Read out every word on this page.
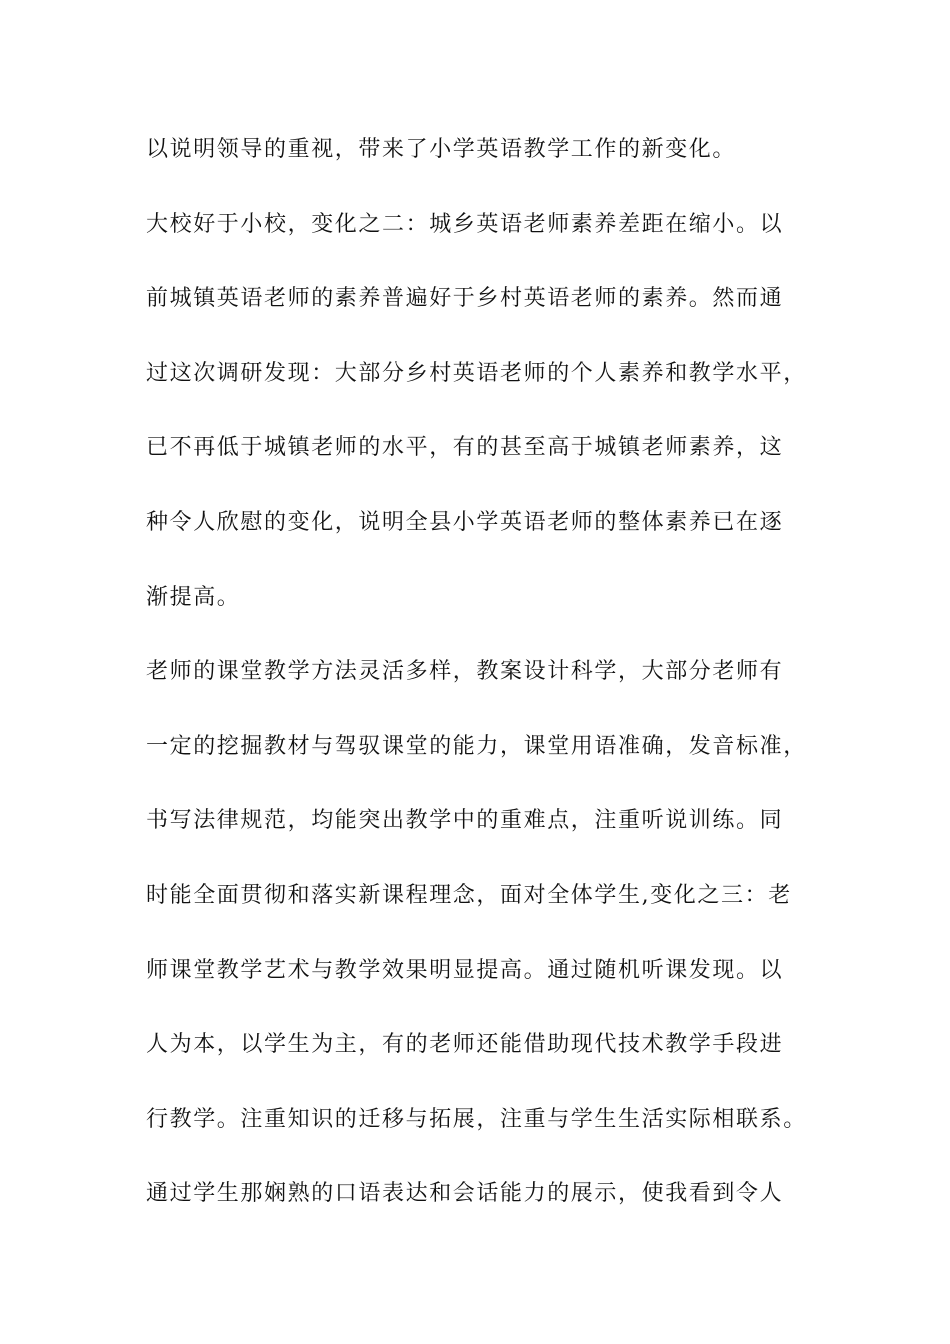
以说明领导的重视，带来了小学英语教学工作的新变化。
大校好于小校，变化之二：城乡英语老师素养差距在缩小。以
前城镇英语老师的素养普遍好于乡村英语老师的素养。然而通
过这次调研发现：大部分乡村英语老师的个人素养和教学水平，
已不再低于城镇老师的水平，有的甚至高于城镇老师素养，这
种令人欣慰的变化，说明全县小学英语老师的整体素养已在逐
渐提高。
老师的课堂教学方法灵活多样，教案设计科学，大部分老师有
一定的挖掘教材与驾驭课堂的能力，课堂用语准确，发音标准，
书写法律规范，均能突出教学中的重难点，注重听说训练。同
时能全面贯彻和落实新课程理念，面对全体学生,变化之三：老
师课堂教学艺术与教学效果明显提高。通过随机听课发现。以
人为本，以学生为主，有的老师还能借助现代技术教学手段进
行教学。注重知识的迁移与拓展，注重与学生生活实际相联系。
通过学生那娴熟的口语表达和会话能力的展示，使我看到令人
